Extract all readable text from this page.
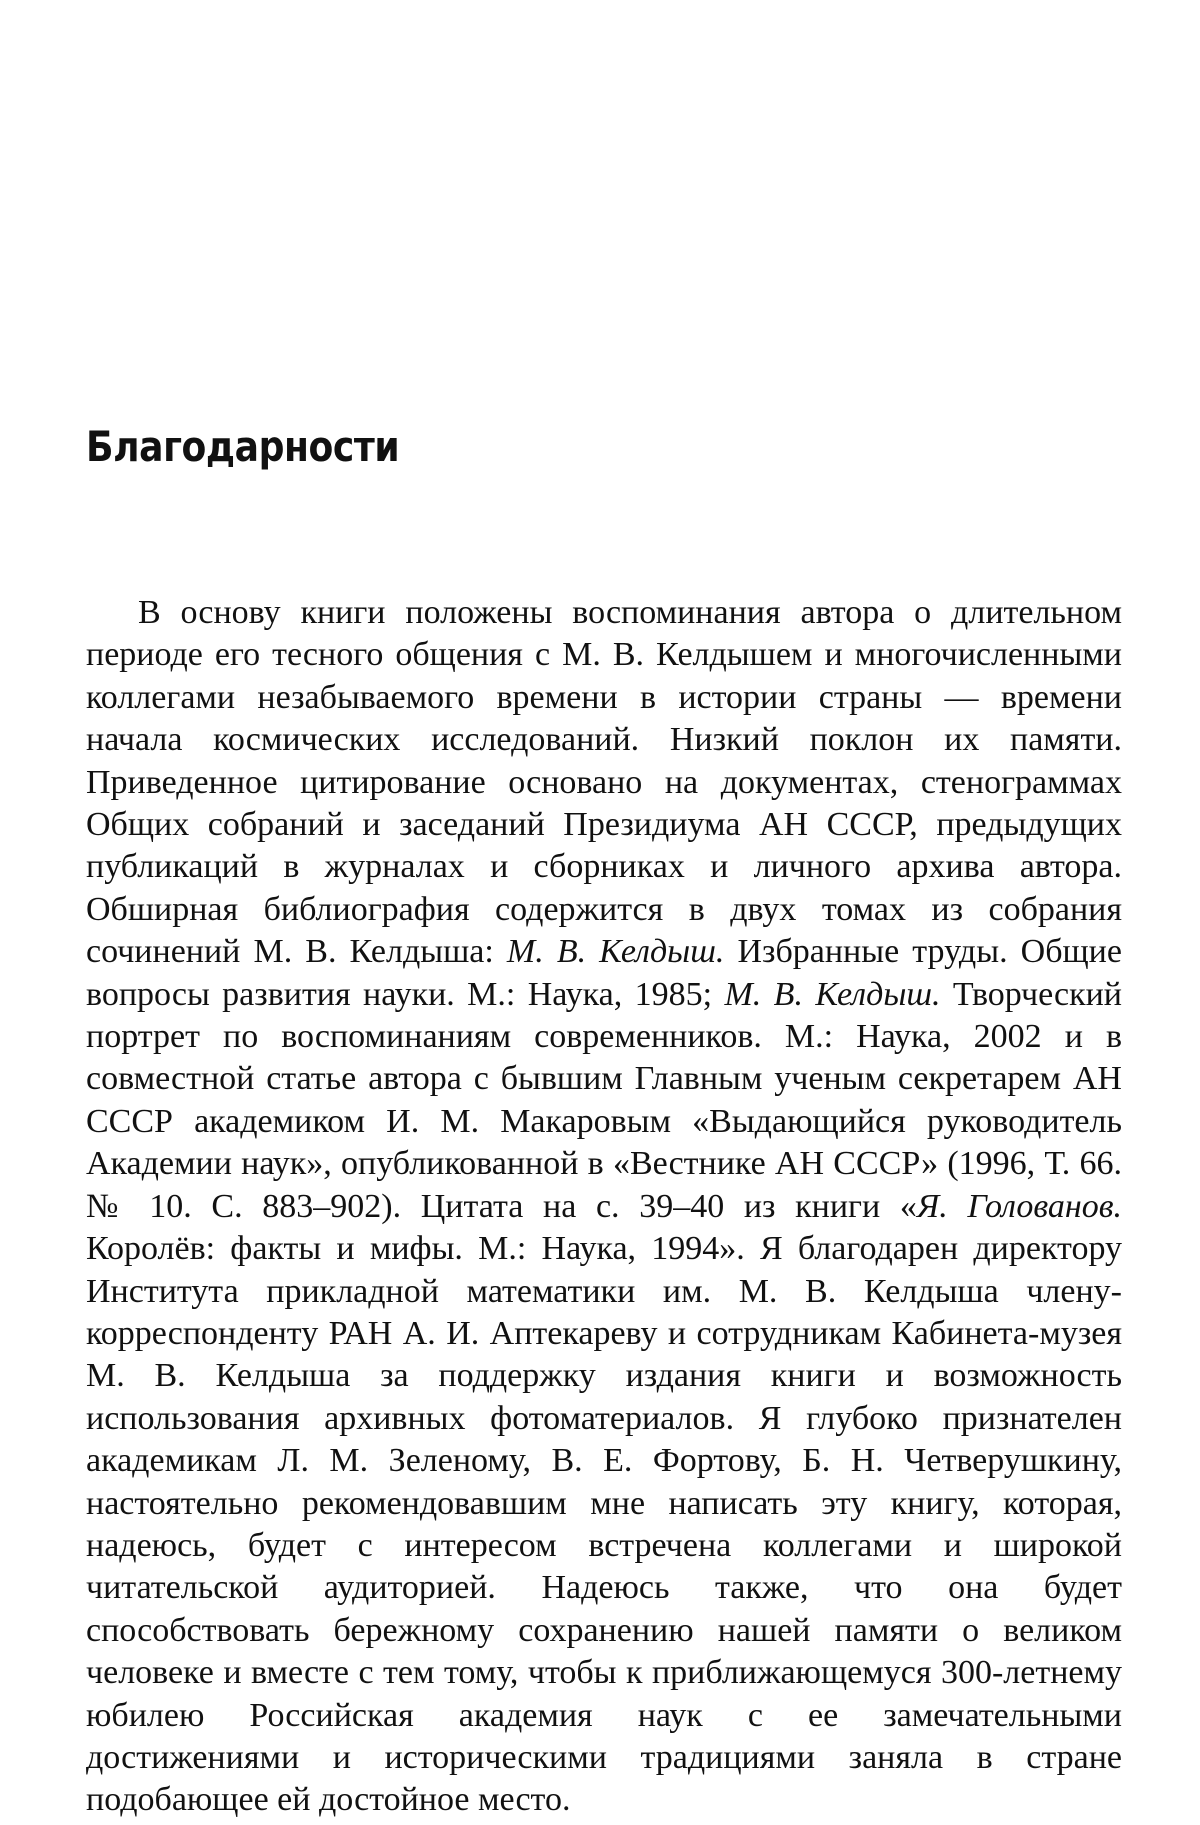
Благодарности

В основу книги положены воспоминания автора о длительном периоде его тесного общения с М. В. Келдышем и многочисленными коллегами незабываемого времени в истории страны — времени начала космических исследований. Низкий поклон их памяти. Приведенное цитирование основано на документах, стенограммах Общих собраний и заседаний Президиума АН СССР, предыдущих публикаций в журналах и сборниках и личного архива автора. Обширная библиография содержится в двух томах из собрания сочинений М. В. Келдыша: М. В. Келдыш. Избранные труды. Общие вопросы развития науки. М.: Наука, 1985; М. В. Келдыш. Творческий портрет по воспоминаниям современников. М.: Наука, 2002 и в совместной статье автора с бывшим Главным ученым секретарем АН СССР академиком И. М. Макаровым «Выдающийся руководитель Академии наук», опубликованной в «Вестнике АН СССР» (1996, Т. 66. № 10. С. 883–902). Цитата на с. 39–40 из книги «Я. Голованов. Королёв: факты и мифы. М.: Наука, 1994». Я благодарен директору Института прикладной математики им. М. В. Келдыша члену-корреспонденту РАН А. И. Аптекареву и сотрудникам Кабинета-музея М. В. Келдыша за поддержку издания книги и возможность использования архивных фотоматериалов. Я глубоко признателен академикам Л. М. Зеленому, В. Е. Фортову, Б. Н. Четверушкину, настоятельно рекомендовавшим мне написать эту книгу, которая, надеюсь, будет с интересом встречена коллегами и широкой читательской аудиторией. Надеюсь также, что она будет способствовать бережному сохранению нашей памяти о великом человеке и вместе с тем тому, чтобы к приближающемуся 300-летнему юбилею Российская академия наук с ее замечательными достижениями и историческими традициями заняла в стране подобающее ей достойное место.
